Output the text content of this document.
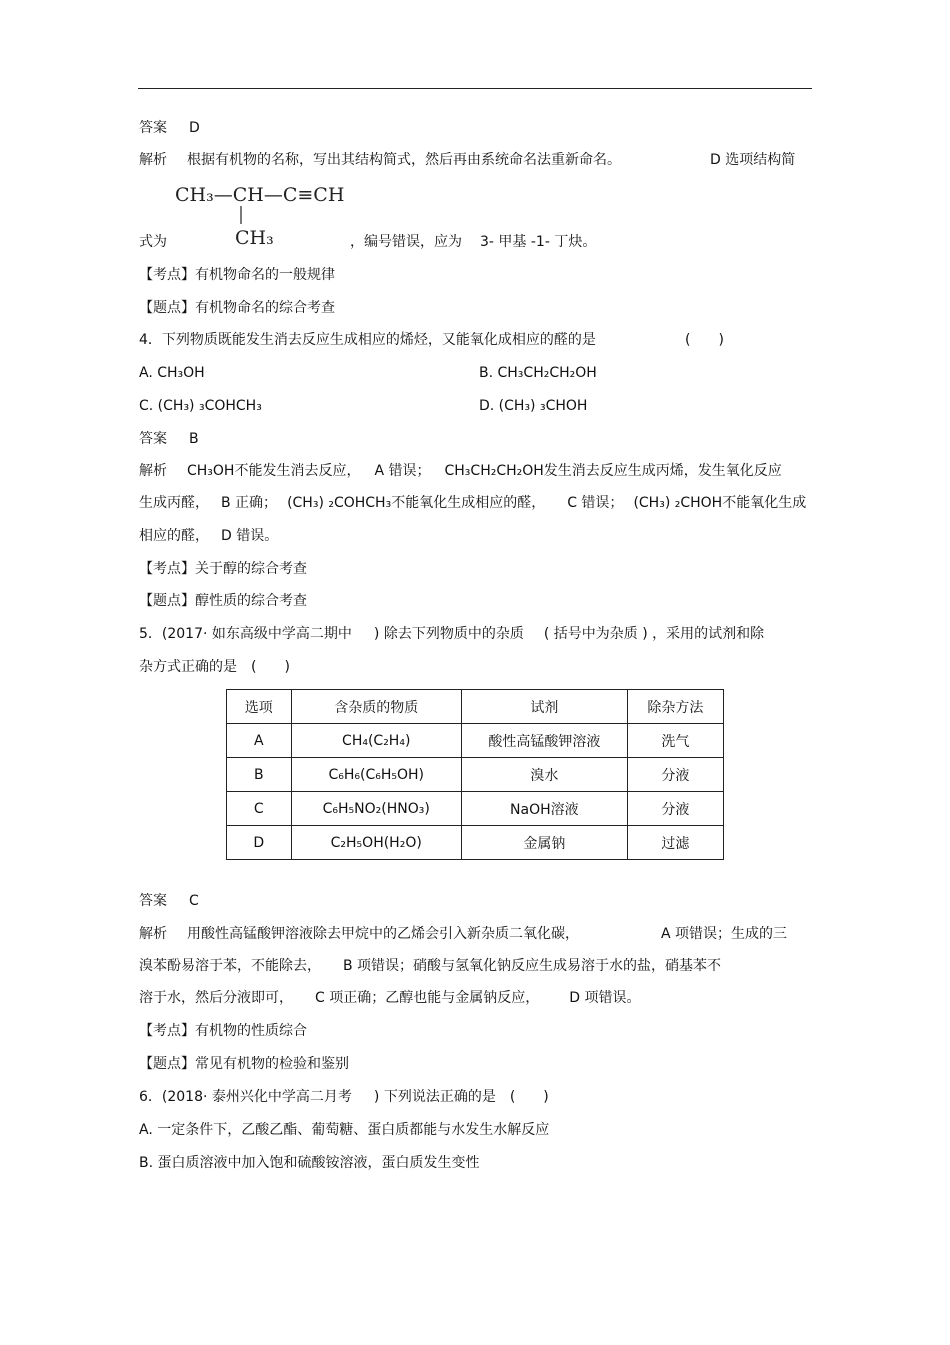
答案 D
解析 根据有机物的名称，写出其结构简式，然后再由系统命名法重新命名。	D 选项结构简
CH₃—CH—C≡CH
CH₃
式为	，编号错误，应为 3- 甲基 -1- 丁炔。
【考点】有机物命名的一般规律
【题点】有机物命名的综合考查
4．下列物质既能发生消去反应生成相应的烯烃，又能氧化成相应的醛的是	(　　)
A. CH₃OH	B. CH₃CH₂CH₂OH
C. (CH₃) ₃COHCH₃	D. (CH₃) ₃CHOH
答案 B
解析 CH₃OH不能发生消去反应， A 错误； CH₃CH₂CH₂OH发生消去反应生成丙烯，发生氧化反应
生成丙醛， B 正确； (CH₃) ₂COHCH₃不能氧化生成相应的醛， C 错误； (CH₃) ₂CHOH不能氧化生成
相应的醛， D 错误。
【考点】关于醇的综合考查
【题点】醇性质的综合考查
5．(2017· 如东高级中学高二期中 ) 除去下列物质中的杂质 ( 括号中为杂质 ) ，采用的试剂和除
杂方式正确的是 (　　)
选项	含杂质的物质	试剂	除杂方法
A	CH₄(C₂H₄)	酸性高锰酸钾溶液	洗气
B	C₆H₆(C₆H₅OH)	溴水	分液
C	C₆H₅NO₂(HNO₃)	NaOH溶液	分液
D	C₂H₅OH(H₂O)	金属钠	过滤
答案 C
解析 用酸性高锰酸钾溶液除去甲烷中的乙烯会引入新杂质二氧化碳，	A 项错误；生成的三
溴苯酚易溶于苯，不能除去， B 项错误；硝酸与氢氧化钠反应生成易溶于水的盐，硝基苯不
溶于水，然后分液即可， C 项正确；乙醇也能与金属钠反应， D 项错误。
【考点】有机物的性质综合
【题点】常见有机物的检验和鉴别
6．(2018· 泰州兴化中学高二月考 ) 下列说法正确的是 (　　)
A. 一定条件下，乙酸乙酯、葡萄糖、蛋白质都能与水发生水解反应
B. 蛋白质溶液中加入饱和硫酸铵溶液，蛋白质发生变性
